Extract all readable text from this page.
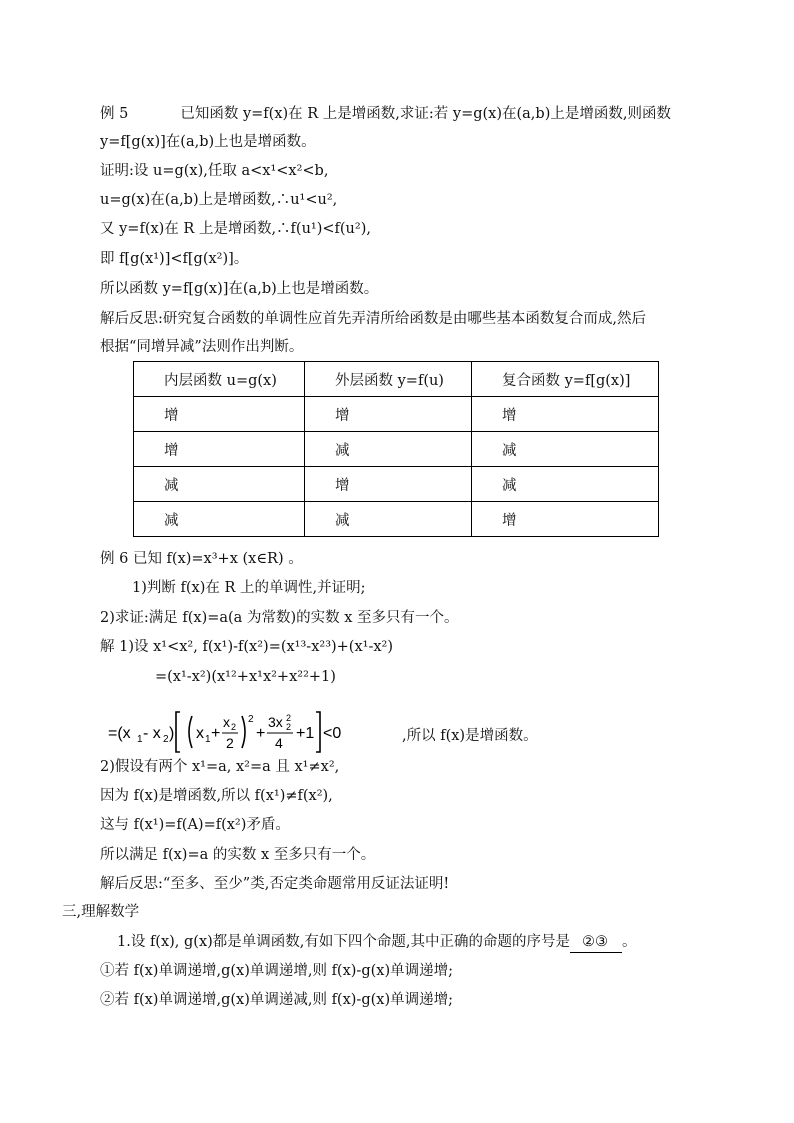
例 5	已知函数 y=f(x)在 R 上是增函数,求证:若 y=g(x)在(a,b)上是增函数,则函数
y=f[g(x)]在(a,b)上也是增函数。
证明:设 u=g(x),任取 a<x¹<x²<b,
u=g(x)在(a,b)上是增函数,∴u¹<u²,
又 y=f(x)在 R 上是增函数,∴f(u¹)<f(u²),
即 f[g(x¹)]<f[g(x²)]。
所以函数 y=f[g(x)]在(a,b)上也是增函数。
解后反思:研究复合函数的单调性应首先弄清所给函数是由哪些基本函数复合而成,然后
根据“同增异减”法则作出判断。
内层函数 u=g(x)	外层函数 y=f(u)	复合函数 y=f[g(x)]
增	增	增
增	减	减
减	增	减
减	减	增
例 6 已知 f(x)=x³+x (x∈R) 。
1)判断 f(x)在 R 上的单调性,并证明;
2)求证:满足 f(x)=a(a 为常数)的实数 x 至多只有一个。
解 1)设 x¹<x², f(x¹)-f(x²)=(x¹³-x²³)+(x¹-x²)
=(x¹-x²)(x¹²+x¹x²+x²²+1)
=(x 1 - x 2 ) x 1 +
x 2
2
2
+
3x 2
2
4
+1 <0	,所以 f(x)是增函数。
2)假设有两个 x¹=a, x²=a 且 x¹≠x²,
因为 f(x)是增函数,所以 f(x¹)≠f(x²),
这与 f(x¹)=f(A)=f(x²)矛盾。
所以满足 f(x)=a 的实数 x 至多只有一个。
解后反思:“至多、至少”类,否定类命题常用反证法证明!
三,理解数学
1.设 f(x), g(x)都是单调函数,有如下四个命题,其中正确的命题的序号是 ②③ 。
①若 f(x)单调递增,g(x)单调递增,则 f(x)-g(x)单调递增;
②若 f(x)单调递增,g(x)单调递减,则 f(x)-g(x)单调递增;
